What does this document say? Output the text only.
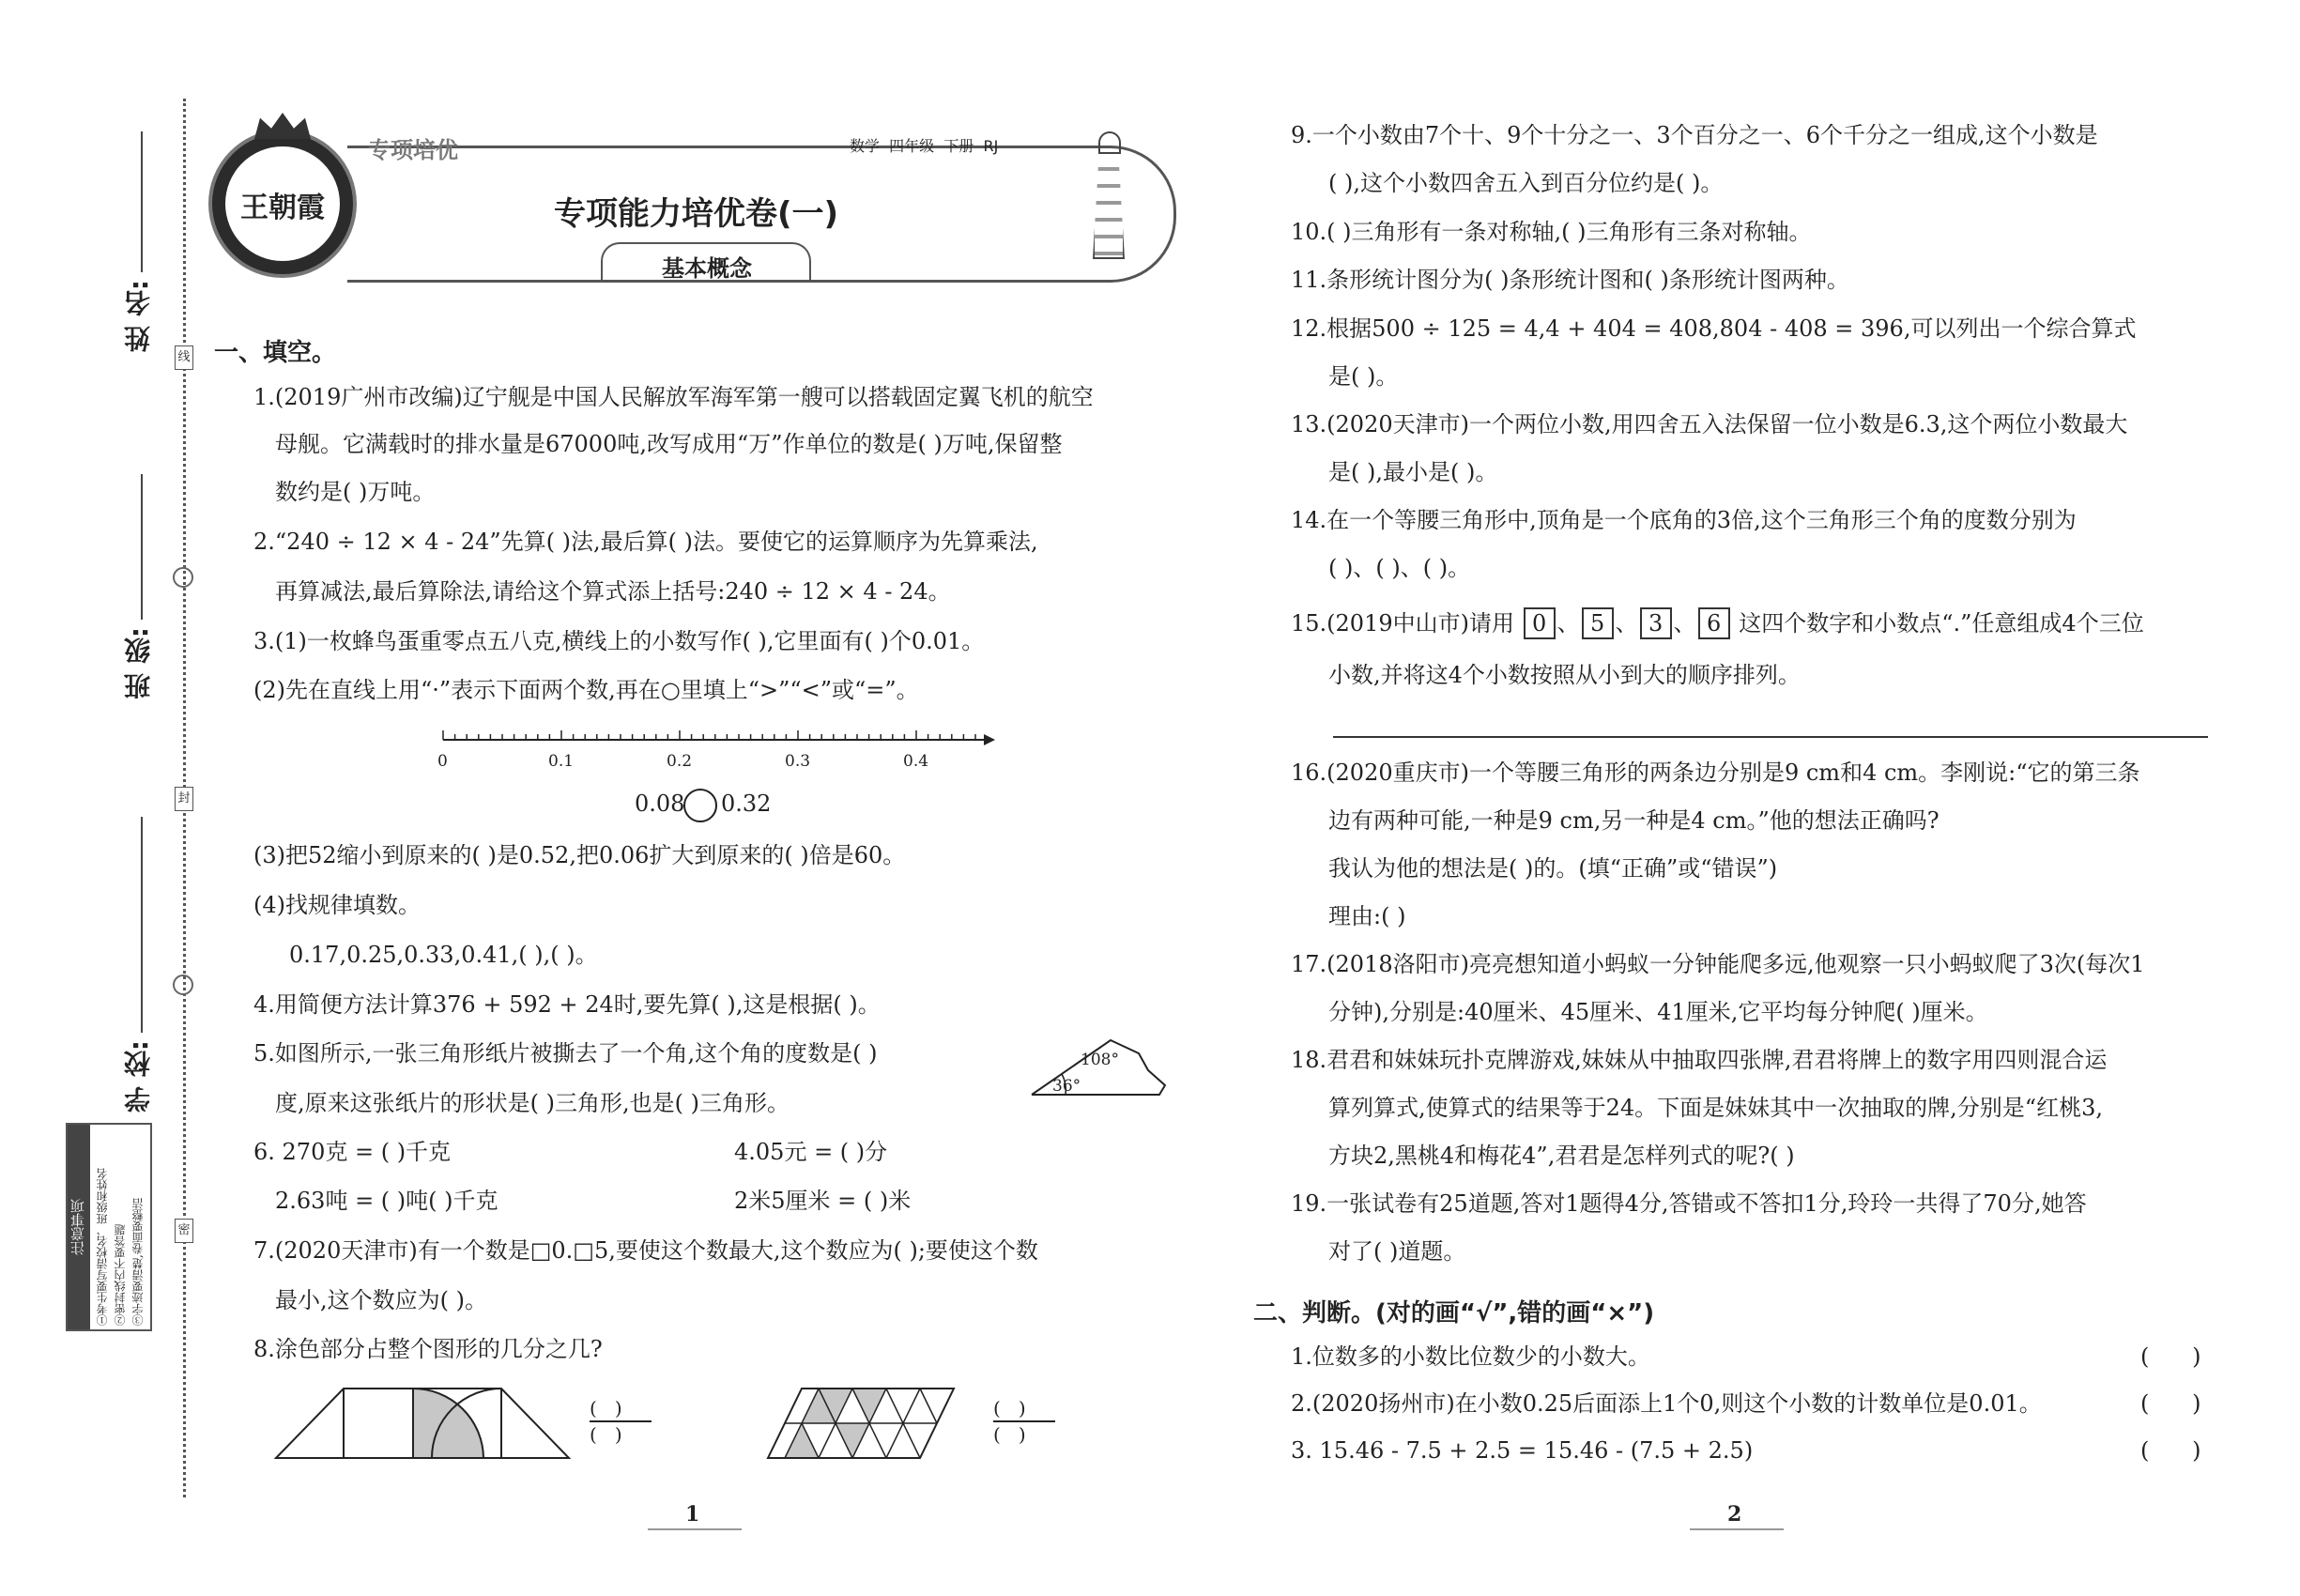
线
封
密
姓 名:
班 级:
学 校:
注意事项 ①考生要写清校名、班级和姓名 ②密封线内不要答题 ③字迹要清楚,卷面要整洁
王朝霞
专项培优	数学  四年级  下册  RJ
专项能力培优卷(一)
基本概念
一、填空。
1.(2019广州市改编)辽宁舰是中国人民解放军海军第一艘可以搭载固定翼飞机的航空
母舰。它满载时的排水量是67000吨,改写成用“万”作单位的数是( )万吨,保留整
数约是( )万吨。
2.“240 ÷ 12 × 4 - 24”先算( )法,最后算( )法。要使它的运算顺序为先算乘法,
再算减法,最后算除法,请给这个算式添上括号:240 ÷ 12 × 4 - 24。
3.(1)一枚蜂鸟蛋重零点五八克,横线上的小数写作( ),它里面有( )个0.01。
(2)先在直线上用“·”表示下面两个数,再在○里填上“>”“<”或“=”。
0	0.1	0.2	0.3	0.4
0.08 0.32
(3)把52缩小到原来的( )是0.52,把0.06扩大到原来的( )倍是60。
(4)找规律填数。
0.17,0.25,0.33,0.41,( ),( )。
4.用简便方法计算376 + 592 + 24时,要先算( ),这是根据( )。
5.如图所示,一张三角形纸片被撕去了一个角,这个角的度数是( )
度,原来这张纸片的形状是( )三角形,也是( )三角形。
108°
36°
6. 270克 = ( )千克	4.05元 = ( )分
2.63吨 = ( )吨( )千克	2米5厘米 = ( )米
7.(2020天津市)有一个数是□0.□5,要使这个数最大,这个数应为( );要使这个数
最小,这个数应为( )。
8.涂色部分占整个图形的几分之几?
(   )
(   )
(   )
(   )
1
9.一个小数由7个十、9个十分之一、3个百分之一、6个千分之一组成,这个小数是
( ),这个小数四舍五入到百分位约是( )。
10.( )三角形有一条对称轴,( )三角形有三条对称轴。
11.条形统计图分为( )条形统计图和( )条形统计图两种。
12.根据500 ÷ 125 = 4,4 + 404 = 408,804 - 408 = 396,可以列出一个综合算式
是( )。
13.(2020天津市)一个两位小数,用四舍五入法保留一位小数是6.3,这个两位小数最大
是( ),最小是( )。
14.在一个等腰三角形中,顶角是一个底角的3倍,这个三角形三个角的度数分别为
( )、( )、( )。
15.(2019中山市)请用 0 、 5 、 3 、 6 这四个数字和小数点“.”任意组成4个三位
小数,并将这4个小数按照从小到大的顺序排列。
16.(2020重庆市)一个等腰三角形的两条边分别是9 cm和4 cm。李刚说:“它的第三条
边有两种可能,一种是9 cm,另一种是4 cm。”他的想法正确吗?
我认为他的想法是( )的。(填“正确”或“错误”)
理由:( )
17.(2018洛阳市)亮亮想知道小蚂蚁一分钟能爬多远,他观察一只小蚂蚁爬了3次(每次1
分钟),分别是:40厘米、45厘米、41厘米,它平均每分钟爬( )厘米。
18.君君和妹妹玩扑克牌游戏,妹妹从中抽取四张牌,君君将牌上的数字用四则混合运
算列算式,使算式的结果等于24。下面是妹妹其中一次抽取的牌,分别是“红桃3,
方块2,黑桃4和梅花4”,君君是怎样列式的呢?( )
19.一张试卷有25道题,答对1题得4分,答错或不答扣1分,玲玲一共得了70分,她答
对了( )道题。
二、判断。(对的画“√”,错的画“×”)
1.位数多的小数比位数少的小数大。	(      )
2.(2020扬州市)在小数0.25后面添上1个0,则这个小数的计数单位是0.01。	(      )
3. 15.46 - 7.5 + 2.5 = 15.46 - (7.5 + 2.5)	(      )
2
